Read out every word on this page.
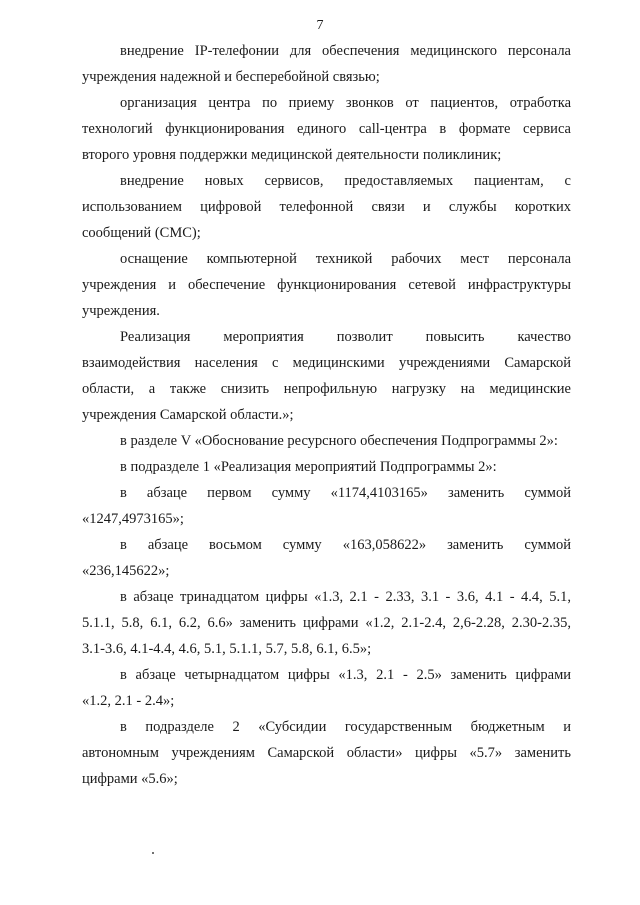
7

внедрение IP-телефонии для обеспечения медицинского персонала
учреждения надежной и бесперебойной связью;

организация центра по приему звонков от пациентов, отработка
технологий функционирования единого call-центра в формате сервиса
второго уровня поддержки медицинской деятельности поликлиник;

внедрение новых сервисов, предоставляемых пациентам, с
использованием цифровой телефонной связи и службы коротких
сообщений (СМС);

оснащение компьютерной техникой рабочих мест персонала
учреждения и обеспечение функционирования сетевой инфраструктуры
учреждения.

Реализация мероприятия позволит повысить качество
взаимодействия населения с медицинскими учреждениями Самарской
области, а также снизить непрофильную нагрузку на медицинские
учреждения Самарской области.»;

в разделе V «Обоснование ресурсного обеспечения Подпрограммы 2»:

в подразделе 1 «Реализация мероприятий Подпрограммы 2»:

в абзаце первом сумму «1174,4103165» заменить суммой
«1247,4973165»;

в абзаце восьмом сумму «163,058622» заменить суммой
«236,145622»;

в абзаце тринадцатом цифры «1.3, 2.1 - 2.33, 3.1 - 3.6, 4.1 - 4.4, 5.1,
5.1.1, 5.8, 6.1, 6.2, 6.6» заменить цифрами «1.2, 2.1-2.4, 2,6-2.28, 2.30-2.35,
3.1-3.6, 4.1-4.4, 4.6, 5.1, 5.1.1, 5.7, 5.8, 6.1, 6.5»;

в абзаце четырнадцатом цифры «1.3, 2.1 - 2.5» заменить цифрами
«1.2, 2.1 - 2.4»;

в подразделе 2 «Субсидии государственным бюджетным и
автономным учреждениям Самарской области» цифры «5.7» заменить
цифрами «5.6»;
